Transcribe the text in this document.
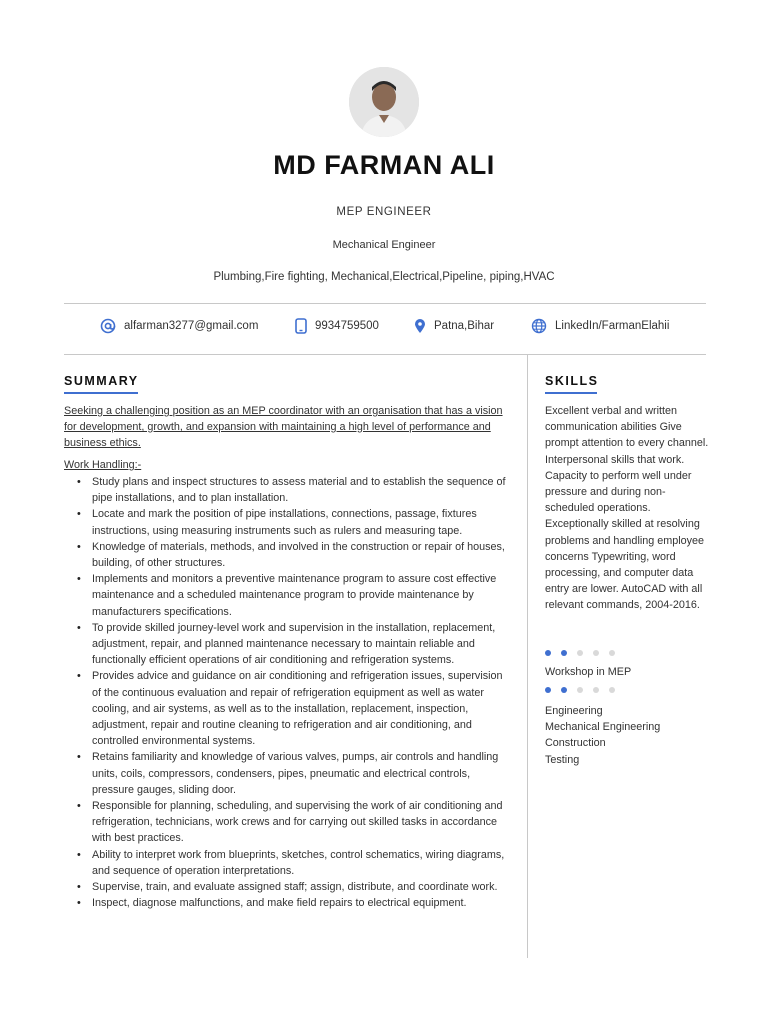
MD FARMAN ALI
MEP ENGINEER
Mechanical Engineer
Plumbing,Fire fighting, Mechanical,Electrical,Pipeline, piping,HVAC
alfarman3277@gmail.com	9934759500	Patna,Bihar	LinkedIn/FarmanElahii
SUMMARY
Seeking a challenging position as an MEP coordinator with an organisation that has a vision for development, growth, and expansion with maintaining a high level of performance and business ethics.
Work Handling:-
• Study plans and inspect structures to assess material and to establish the sequence of pipe installations, and to plan installation.
• Locate and mark the position of pipe installations, connections, passage, fixtures instructions, using measuring instruments such as rulers and measuring tape.
• Knowledge of materials, methods, and involved in the construction or repair of houses, building, of other structures.
• Implements and monitors a preventive maintenance program to assure cost effective maintenance and a scheduled maintenance program to provide maintenance by manufacturers specifications.
• To provide skilled journey-level work and supervision in the installation, replacement, adjustment, repair, and planned maintenance necessary to maintain reliable and functionally efficient operations of air conditioning and refrigeration systems.
• Provides advice and guidance on air conditioning and refrigeration issues, supervision of the continuous evaluation and repair of refrigeration equipment as well as water cooling, and air systems, as well as to the installation, replacement, inspection, adjustment, repair and routine cleaning to refrigeration and air conditioning, and controlled environmental systems.
• Retains familiarity and knowledge of various valves, pumps, air controls and handling units, coils, compressors, condensers, pipes, pneumatic and electrical controls, pressure gauges, sliding door.
• Responsible for planning, scheduling, and supervising the work of air conditioning and refrigeration, technicians, work crews and for carrying out skilled tasks in accordance with best practices.
• Ability to interpret work from blueprints, sketches, control schematics, wiring diagrams, and sequence of operation interpretations.
• Supervise, train, and evaluate assigned staff; assign, distribute, and coordinate work.
• Inspect, diagnose malfunctions, and make field repairs to electrical equipment.
SKILLS
Excellent verbal and written communication abilities Give prompt attention to every channel. Interpersonal skills that work. Capacity to perform well under pressure and during non-scheduled operations. Exceptionally skilled at resolving problems and handling employee concerns Typewriting, word processing, and computer data entry are lower. AutoCAD with all relevant commands, 2004-2016.
Workshop in MEP
Engineering
Mechanical Engineering
Construction
Testing
